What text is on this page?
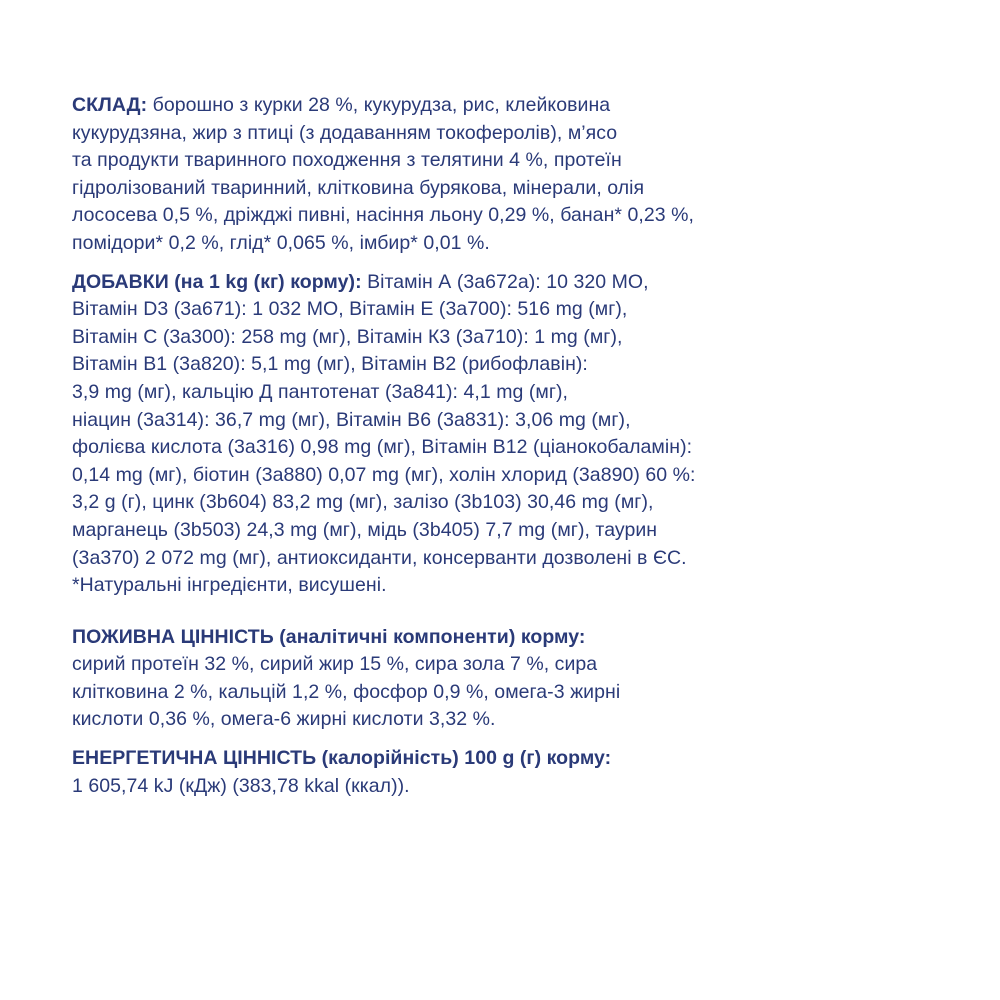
СКЛАД: борошно з курки 28 %, кукурудза, рис, клейковина
кукурудзяна, жир з птиці (з додаванням токоферолів), м’ясо
та продукти тваринного походження з телятини 4 %, протеїн
гідролізований тваринний, клітковина бурякова, мінерали, олія
лососева 0,5 %, дріжджі пивні, насіння льону 0,29 %, банан* 0,23 %,
помідори* 0,2 %, глід* 0,065 %, імбир* 0,01 %.

ДОБАВКИ (на 1 kg (кг) корму): Вітамін А (3a672a): 10 320 МО,
Вітамін D3 (3a671): 1 032 МО, Вітамін Е (3a700): 516 mg (мг),
Вітамін С (3a300): 258 mg (мг), Вітамін К3 (3a710): 1 mg (мг),
Вітамін В1 (3a820): 5,1 mg (мг), Вітамін В2 (рибофлавін):
3,9 mg (мг), кальцію Д пантотенат (3a841): 4,1 mg (мг),
ніацин (3a314): 36,7 mg (мг), Вітамін В6 (3a831): 3,06 mg (мг),
фолієва кислота (3a316) 0,98 mg (мг), Вітамін В12 (ціанокобаламін):
0,14 mg (мг), біотин (3a880) 0,07 mg (мг), холін хлорид (3a890) 60 %:
3,2 g (г), цинк (3b604) 83,2 mg (мг), залізо (3b103) 30,46 mg (мг),
марганець (3b503) 24,3 mg (мг), мідь (3b405) 7,7 mg (мг), таурин
(3a370) 2 072 mg (мг), антиоксиданти, консерванти дозволені в ЄС.
*Натуральні інгредієнти, висушені.

ПОЖИВНА ЦІННІСТЬ (аналітичні компоненти) корму:
сирий протеїн 32 %, сирий жир 15 %, сира зола 7 %, сира
клітковина 2 %, кальцій 1,2 %, фосфор 0,9 %, омега-3 жирні
кислоти 0,36 %, омега-6 жирні кислоти 3,32 %.

ЕНЕРГЕТИЧНА ЦІННІСТЬ (калорійність) 100 g (г) корму:
1 605,74 kJ (кДж) (383,78 kkal (ккал)).
